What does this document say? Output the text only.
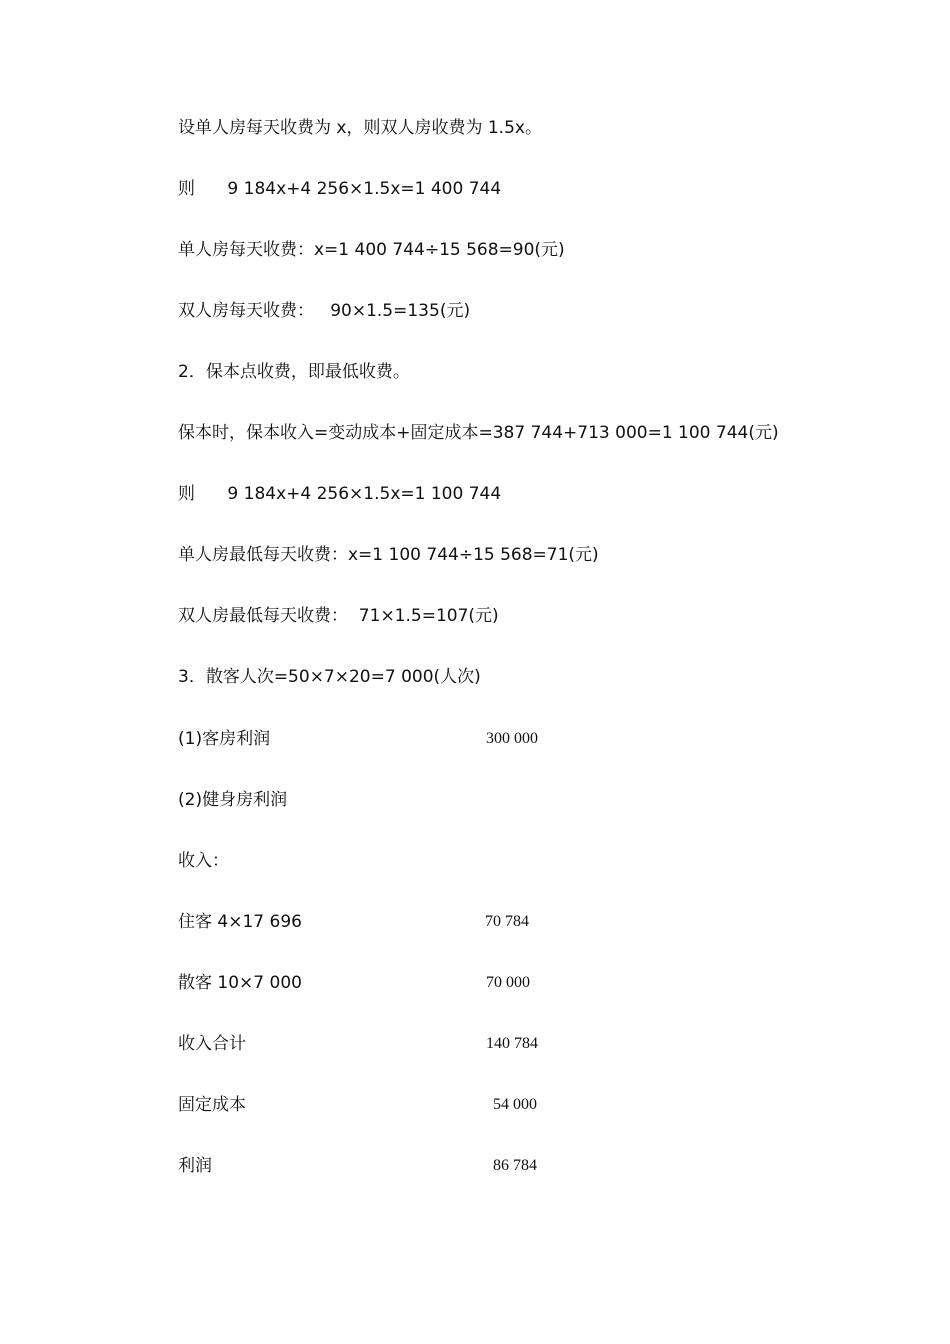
设单人房每天收费为 x，则双人房收费为 1.5x。
则      9 184x+4 256×1.5x=1 400 744
单人房每天收费：x=1 400 744÷15 568=90(元)
双人房每天收费：   90×1.5=135(元)
2．保本点收费，即最低收费。
保本时，保本收入=变动成本+固定成本=387 744+713 000=1 100 744(元)
则      9 184x+4 256×1.5x=1 100 744
单人房最低每天收费：x=1 100 744÷15 568=71(元)
双人房最低每天收费：  71×1.5=107(元)
3．散客人次=50×7×20=7 000(人次)
(1)客房利润	300 000
(2)健身房利润
收入：
住客 4×17 696	70 784
散客 10×7 000	70 000
收入合计	140 784
固定成本	54 000
利润	86 784
